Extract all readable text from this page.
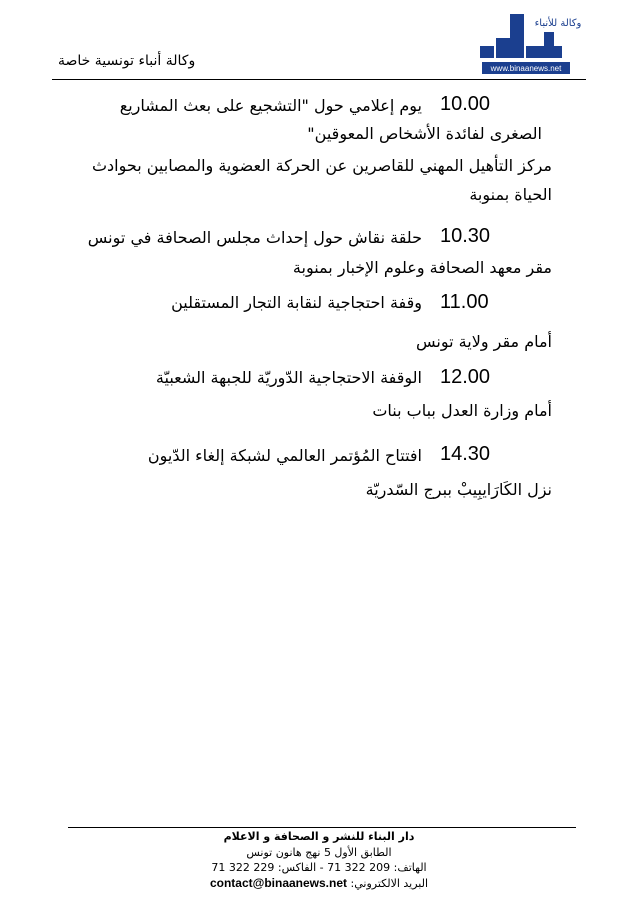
وكالة أنباء تونسية خاصة	www.binaanews.net
وكالة للأنباء
10.00
يوم إعلامي حول "التشجيع على بعث المشاريع
الصغرى لفائدة الأشخاص المعوقين"
مركز التأهيل المهني للقاصرين عن الحركة العضوية والمصابين بحوادث
الحياة بمنوبة
10.30
حلقة نقاش حول إحداث مجلس الصحافة في تونس
مقر معهد الصحافة وعلوم الإخبار بمنوبة
11.00
وقفة احتجاجية لنقابة التجار المستقلين
أمام مقر ولاية تونس
12.00
الوقفة الاحتجاجية الدّوريّة للجبهة الشعبيّة
أمام وزارة العدل بباب بنات
14.30
افتتاح المُؤتمر العالمي لشبكة إلغاء الدّيون
نزل الكَارَايبِيبْ ببرج السّدريّة
دار البناء للنشر و الصحافة و الاعلام
الطابق الأول 5 نهج هانون تونس
الهاتف: 209 322 71 - الفاكس: 229 322 71
البريد الالكتروني: contact@binaanews.net
